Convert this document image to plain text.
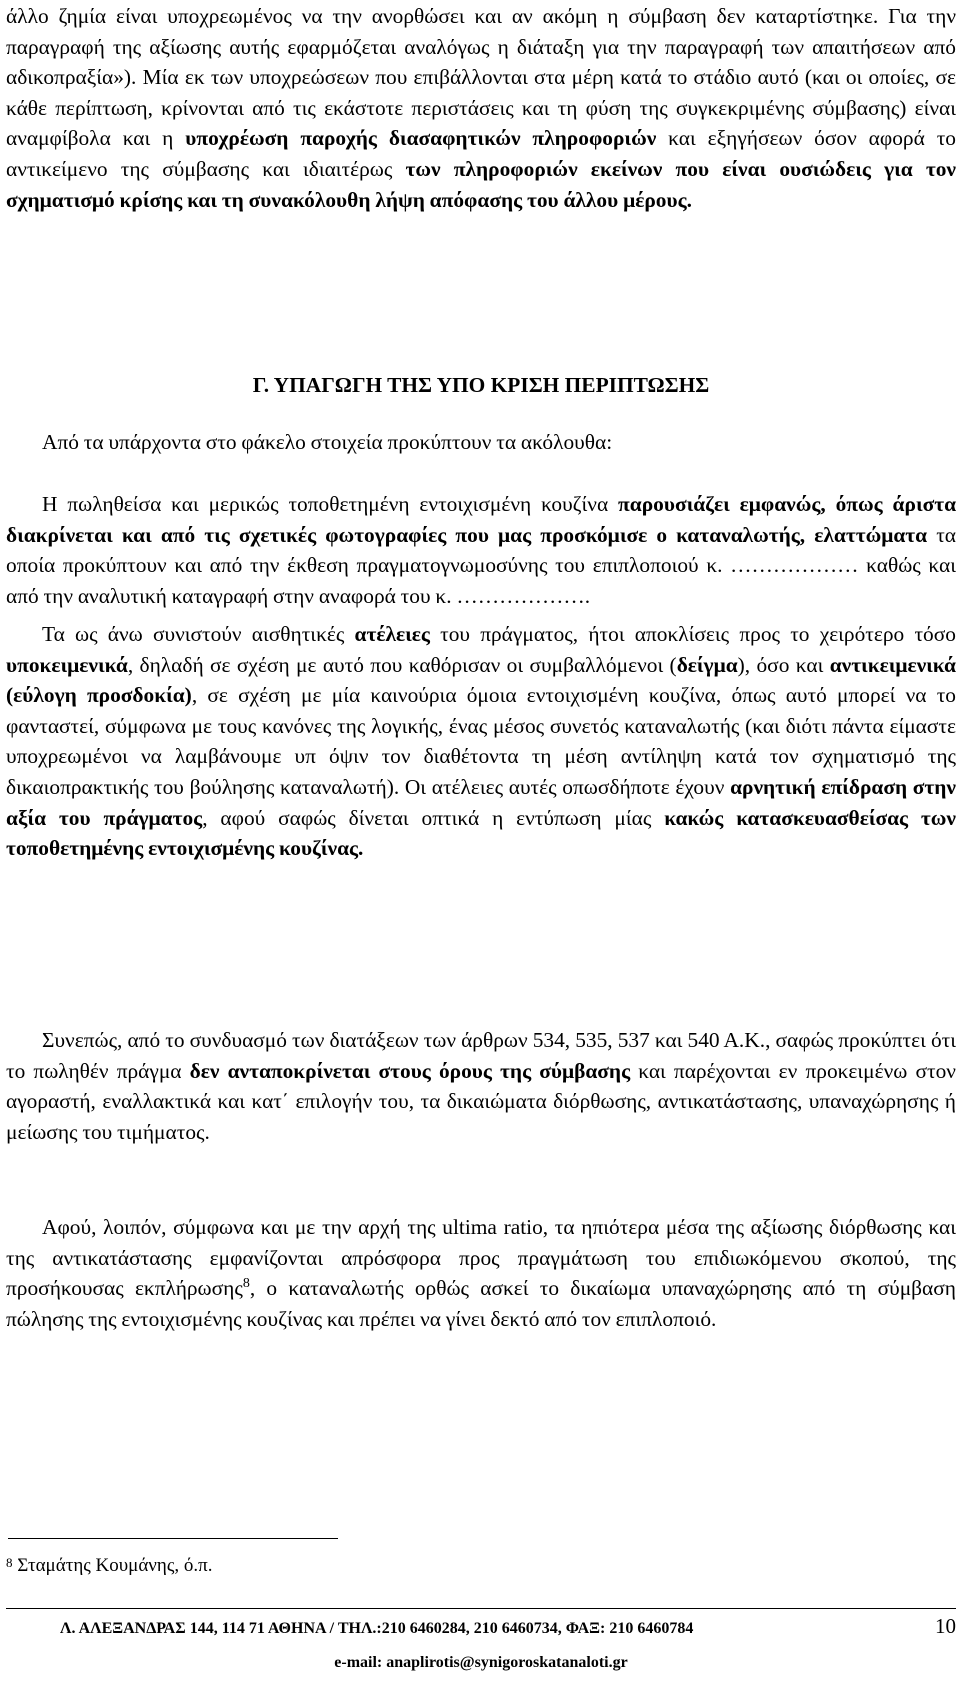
άλλο ζημία είναι υποχρεωμένος να την ανορθώσει και αν ακόμη η σύμβαση δεν καταρτίστηκε. Για την παραγραφή της αξίωσης αυτής εφαρμόζεται αναλόγως η διάταξη για την παραγραφή των απαιτήσεων από αδικοπραξία»). Μία εκ των υποχρεώσεων που επιβάλλονται στα μέρη κατά το στάδιο αυτό (και οι οποίες, σε κάθε περίπτωση, κρίνονται από τις εκάστοτε περιστάσεις και τη φύση της συγκεκριμένης σύμβασης) είναι αναμφίβολα και η υποχρέωση παροχής διασαφητικών πληροφοριών και εξηγήσεων όσον αφορά το αντικείμενο της σύμβασης και ιδιαιτέρως των πληροφοριών εκείνων που είναι ουσιώδεις για τον σχηματισμό κρίσης και τη συνακόλουθη λήψη απόφασης του άλλου μέρους.

Γ. ΥΠΑΓΩΓΗ ΤΗΣ ΥΠΟ ΚΡΙΣΗ ΠΕΡΙΠΤΩΣΗΣ

Από τα υπάρχοντα στο φάκελο στοιχεία προκύπτουν τα ακόλουθα:

Η πωληθείσα και μερικώς τοποθετημένη εντοιχισμένη κουζίνα παρουσιάζει εμφανώς, όπως άριστα διακρίνεται και από τις σχετικές φωτογραφίες που μας προσκόμισε ο καταναλωτής, ελαττώματα τα οποία προκύπτουν και από την έκθεση πραγματογνωμοσύνης του επιπλοποιού κ. ……………… καθώς και από την αναλυτική καταγραφή στην αναφορά του κ. ……………….

Τα ως άνω συνιστούν αισθητικές ατέλειες του πράγματος, ήτοι αποκλίσεις προς το χειρότερο τόσο υποκειμενικά, δηλαδή σε σχέση με αυτό που καθόρισαν οι συμβαλλόμενοι (δείγμα), όσο και αντικειμενικά (εύλογη προσδοκία), σε σχέση με μία καινούρια όμοια εντοιχισμένη κουζίνα, όπως αυτό μπορεί να το φανταστεί, σύμφωνα με τους κανόνες της λογικής, ένας μέσος συνετός καταναλωτής (και διότι πάντα είμαστε υποχρεωμένοι να λαμβάνουμε υπ όψιν τον διαθέτοντα τη μέση αντίληψη κατά τον σχηματισμό της δικαιοπρακτικής του βούλησης καταναλωτή). Οι ατέλειες αυτές οπωσδήποτε έχουν αρνητική επίδραση στην αξία του πράγματος, αφού σαφώς δίνεται οπτικά η εντύπωση μίας κακώς κατασκευασθείσας των τοποθετημένης εντοιχισμένης κουζίνας.

Συνεπώς, από το συνδυασμό των διατάξεων των άρθρων 534, 535, 537 και 540 Α.Κ., σαφώς προκύπτει ότι το πωληθέν πράγμα δεν ανταποκρίνεται στους όρους της σύμβασης και παρέχονται εν προκειμένω στον αγοραστή, εναλλακτικά και κατ΄ επιλογήν του, τα δικαιώματα διόρθωσης, αντικατάστασης, υπαναχώρησης ή μείωσης του τιμήματος.

Αφού, λοιπόν, σύμφωνα και με την αρχή της ultima ratio, τα ηπιότερα μέσα της αξίωσης διόρθωσης και της αντικατάστασης εμφανίζονται απρόσφορα προς πραγμάτωση του επιδιωκόμενου σκοπού, της προσήκουσας εκπλήρωσης$^8$, ο καταναλωτής ορθώς ασκεί το δικαίωμα υπαναχώρησης από τη σύμβαση πώλησης της εντοιχισμένης κουζίνας και πρέπει να γίνει δεκτό από τον επιπλοποιό.

$^8$ Σταμάτης Κουμάνης, ό.π.
Λ. ΑΛΕΞΑΝΔΡΑΣ 144, 114 71 ΑΘΗΝΑ / ΤΗΛ.:210 6460284, 210 6460734, ΦΑΞ: 210 6460784	10
e-mail: anaplirotis@synigoroskatanaloti.gr
